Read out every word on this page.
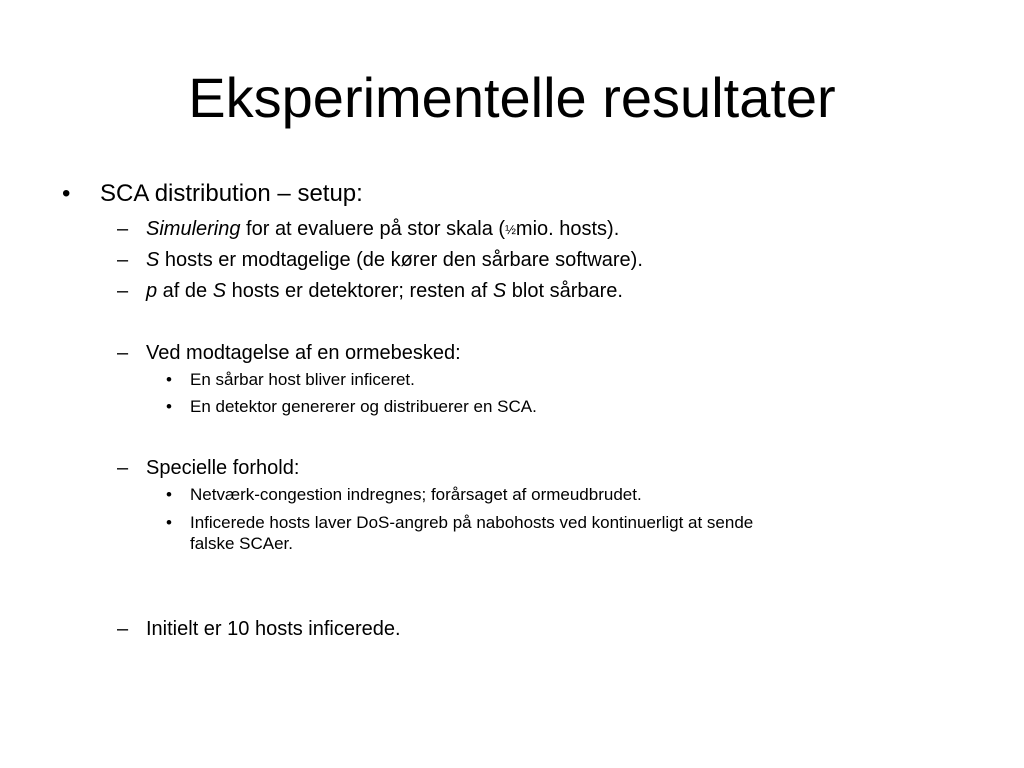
Eksperimentelle resultater
• SCA distribution – setup:
– Simulering for at evaluere på stor skala (½mio. hosts).
– S hosts er modtagelige (de kører den sårbare software).
– p af de S hosts er detektorer; resten af S blot sårbare.
– Ved modtagelse af en ormebesked:
• En sårbar host bliver inficeret.
• En detektor genererer og distribuerer en SCA.
– Specielle forhold:
• Netværk-congestion indregnes; forårsaget af ormeudbrudet.
• Inficerede hosts laver DoS-angreb på nabohosts ved kontinuerligt at sende
falske SCAer.
– Initielt er 10 hosts inficerede.
